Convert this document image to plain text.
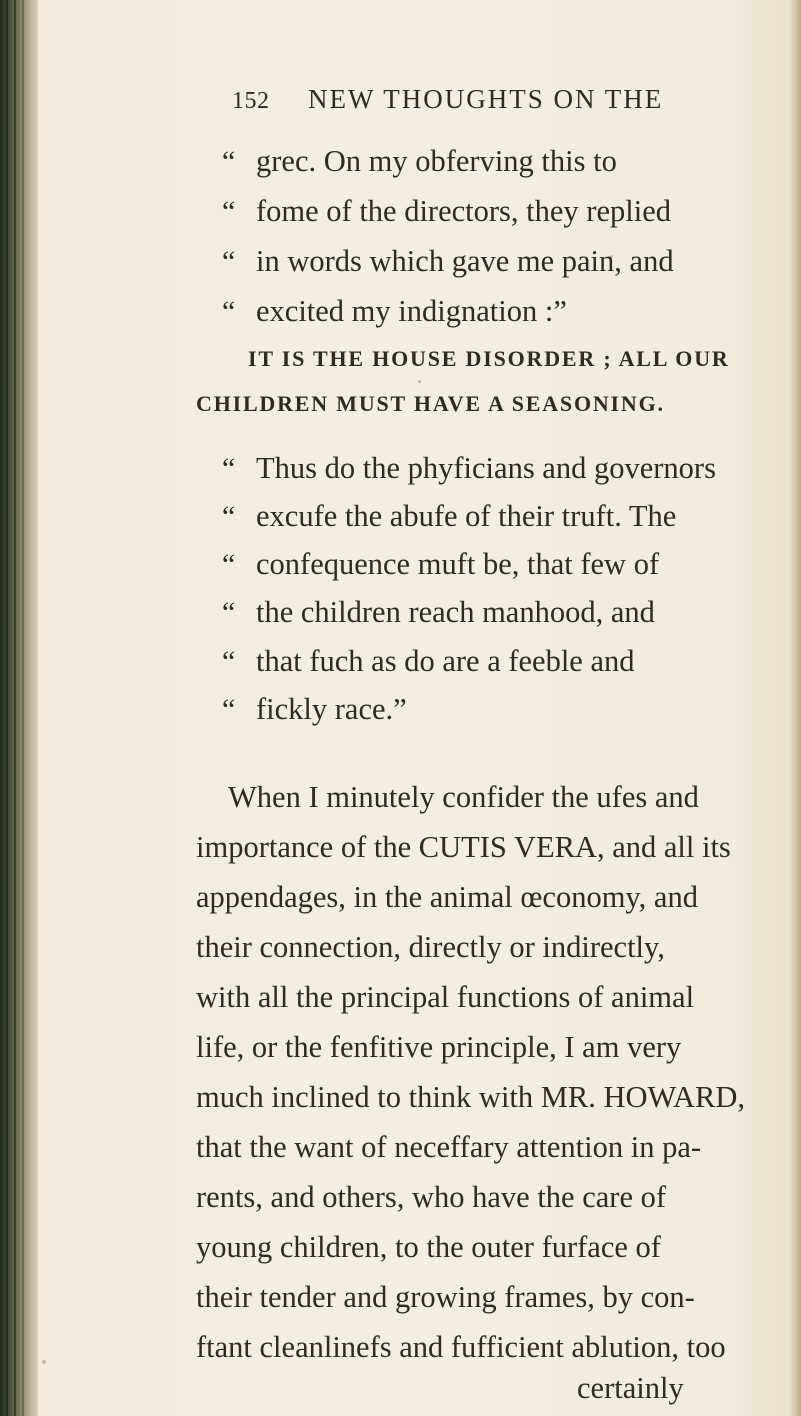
152 NEW THOUGHTS ON THE
“ grec. On my obferving this to
“ fome of the directors, they replied
“ in words which gave me pain, and
“ excited my indignation :”
IT IS THE HOUSE DISORDER ; ALL OUR
CHILDREN MUST HAVE A SEASONING.
“ Thus do the phyficians and governors
“ excufe the abufe of their truft. The
“ confequence muft be, that few of
“ the children reach manhood, and
“ that fuch as do are a feeble and
“ fickly race.”
When I minutely confider the ufes and
importance of the CUTIS VERA, and all its
appendages, in the animal œconomy, and
their connection, directly or indirectly,
with all the principal functions of animal
life, or the fenfitive principle, I am very
much inclined to think with MR. HOWARD,
that the want of neceffary attention in pa-
rents, and others, who have the care of
young children, to the outer furface of
their tender and growing frames, by con-
ftant cleanlinefs and fufficient ablution, too
certainly
